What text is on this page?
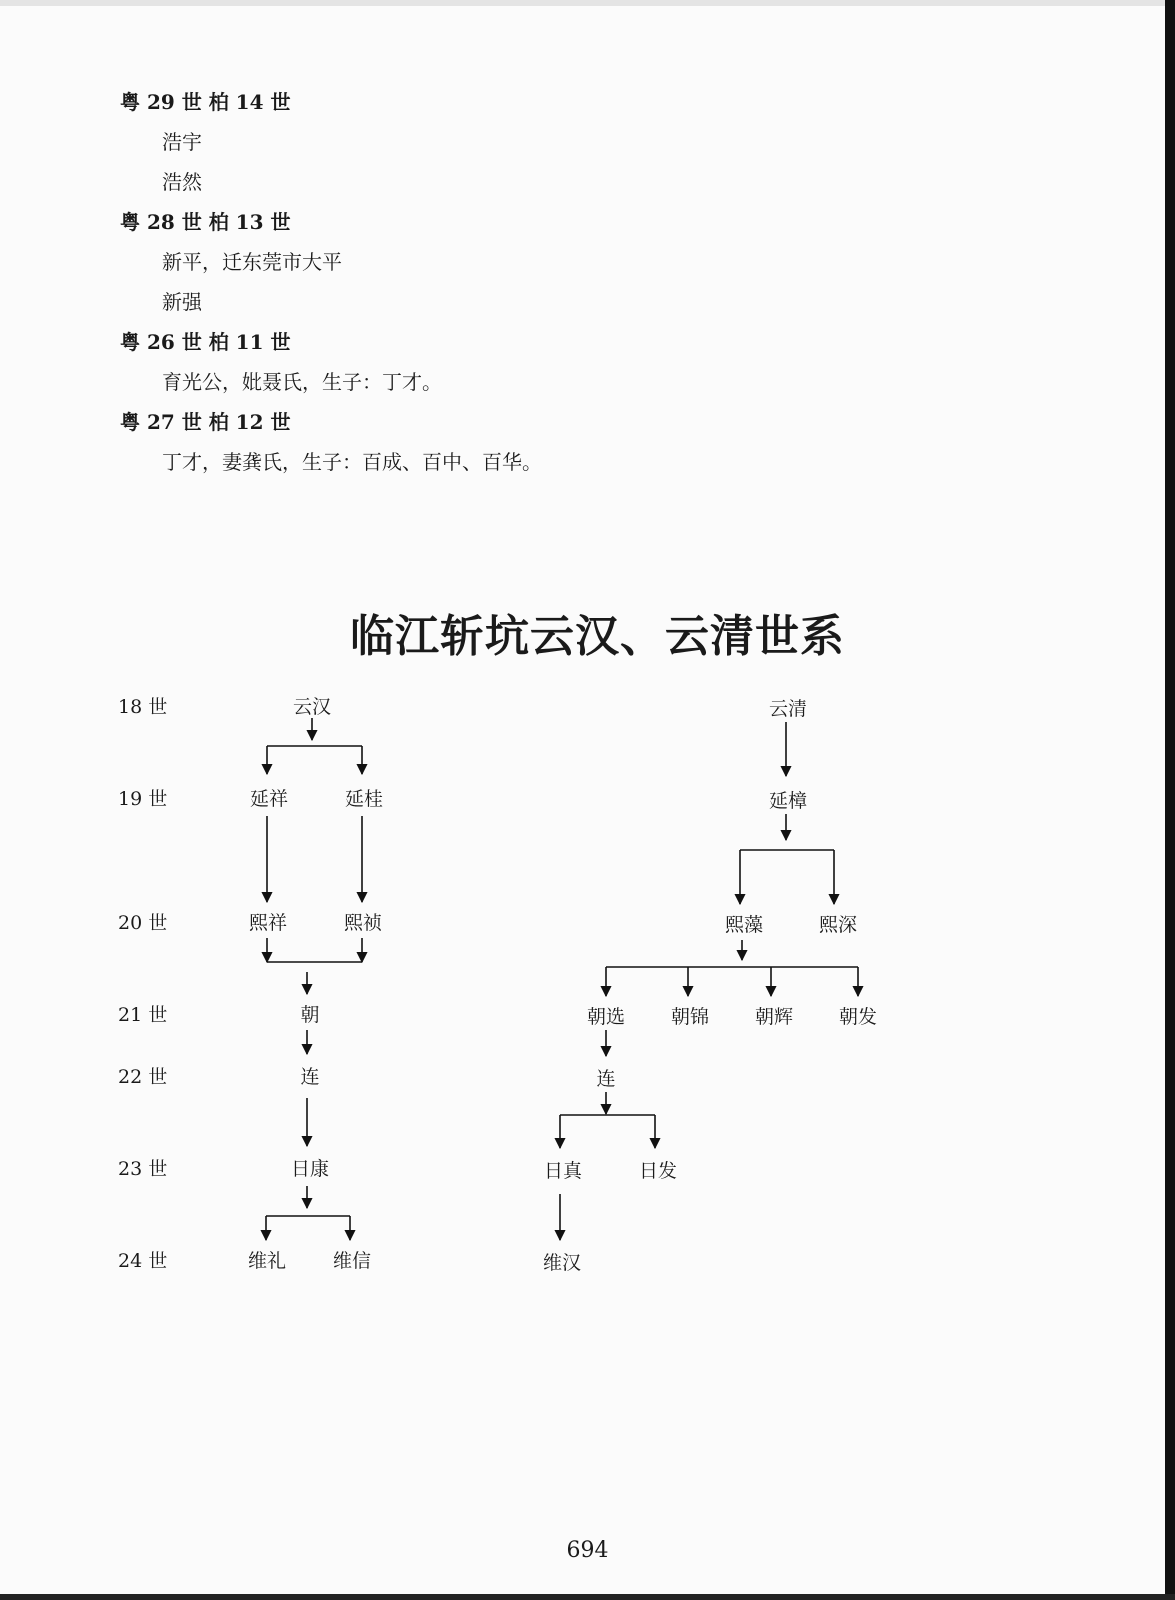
粤 29 世 柏 14 世
浩宇
浩然
粤 28 世 柏 13 世
新平，迁东莞市大平
新强
粤 26 世 柏 11 世
育光公，妣聂氏，生子：丁才。
粤 27 世 柏 12 世
丁才，妻龚氏，生子：百成、百中、百华。
临江斩坑云汉、云清世系
18 世
19 世
20 世
21 世
22 世
23 世
24 世
云汉
延祥	延桂
熙祥	熙祯
朝
连
日康
维礼 维信
云清
延樟
熙藻	熙深
朝选 朝锦 朝辉 朝发
连
日真	日发
维汉
694
